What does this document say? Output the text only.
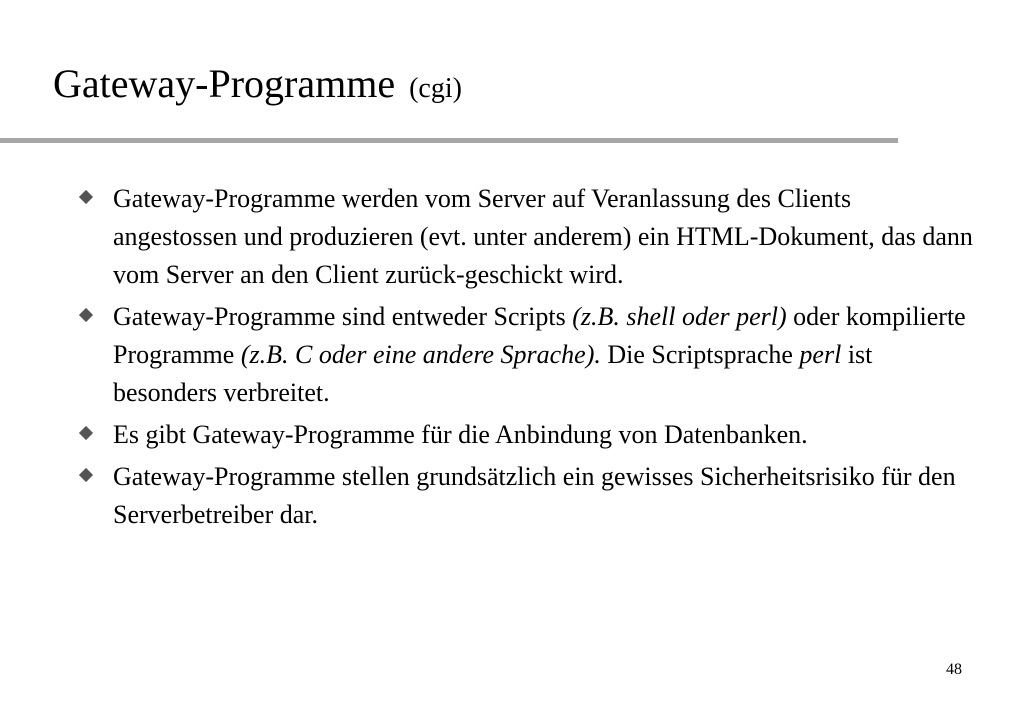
Gateway-Programme (cgi)
Gateway-Programme werden vom Server auf Veranlassung des Clients angestossen und produzieren (evt. unter anderem) ein HTML-Dokument, das dann vom Server an den Client zurück-geschickt wird.
Gateway-Programme sind entweder Scripts (z.B. shell oder perl) oder kompilierte Programme (z.B. C oder eine andere Sprache). Die Scriptsprache perl ist besonders verbreitet.
Es gibt Gateway-Programme für die Anbindung von Datenbanken.
Gateway-Programme stellen grundsätzlich ein gewisses Sicherheitsrisiko für den Serverbetreiber dar.
48
